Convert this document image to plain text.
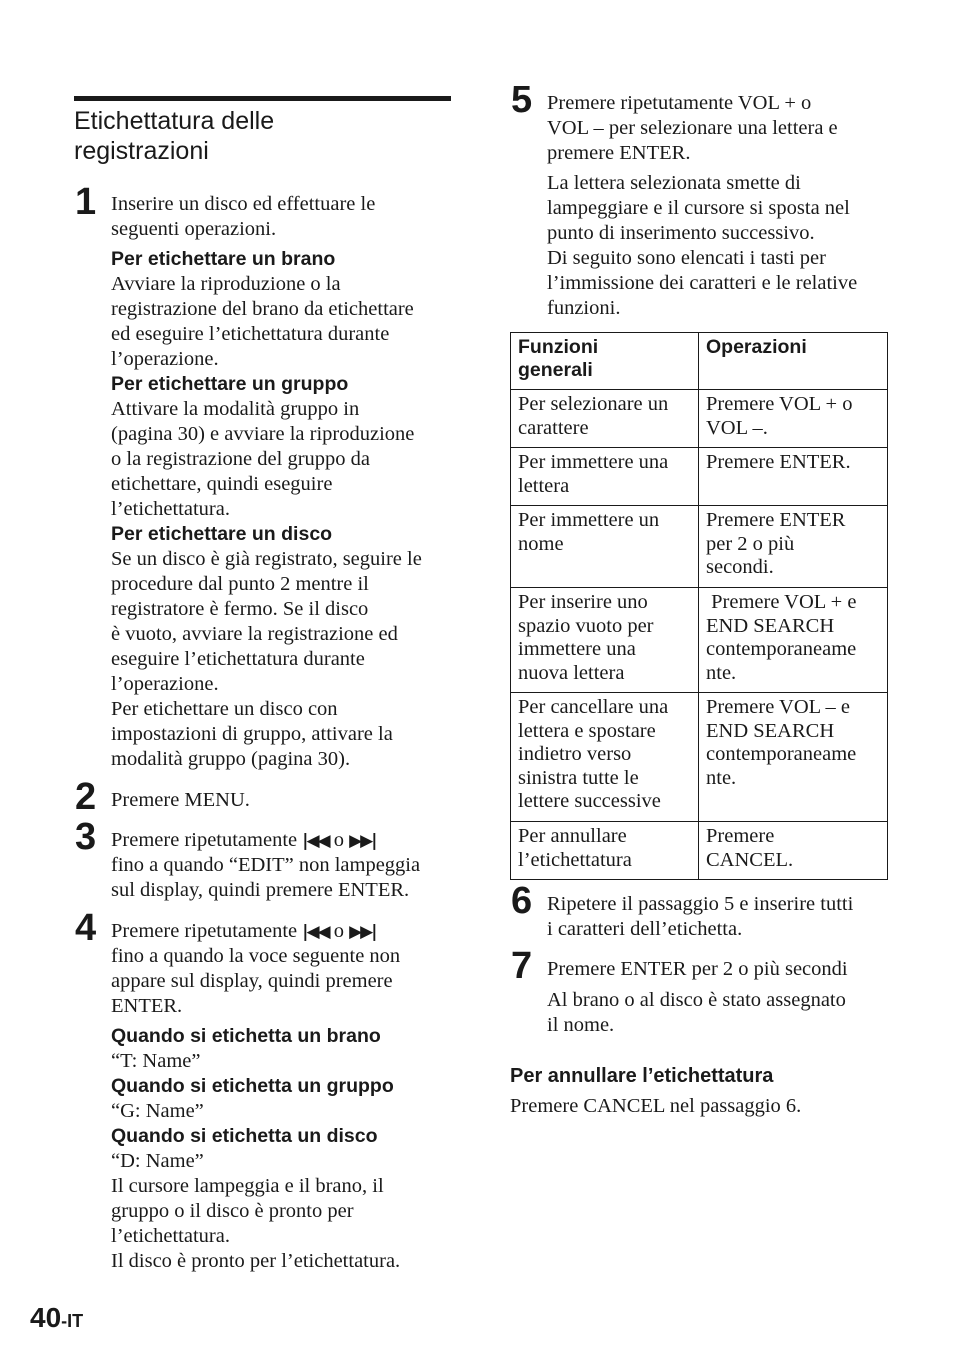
Etichettatura delle
registrazioni
1 Inserire un disco ed effettuare le

seguenti operazioni.

Per etichettare un brano

Avviare la riproduzione o la

registrazione del brano da etichettare

ed eseguire l’etichettatura durante

l’operazione.

Per etichettare un gruppo

Attivare la modalità gruppo in

(pagina 30) e avviare la riproduzione

o la registrazione del gruppo da

etichettare, quindi eseguire

l’etichettatura.

Per etichettare un disco

Se un disco è già registrato, seguire le

procedure dal punto 2 mentre il

registratore è fermo. Se il disco

è vuoto, avviare la registrazione ed

eseguire l’etichettatura durante

l’operazione.

Per etichettare un disco con

impostazioni di gruppo, attivare la

modalità gruppo (pagina 30).

2 Premere MENU.

3 Premere ripetutamente |◀◀ o ▶▶|

fino a quando “EDIT” non lampeggia

sul display, quindi premere ENTER.

4 Premere ripetutamente |◀◀ o ▶▶|

fino a quando la voce seguente non

appare sul display, quindi premere

ENTER.

Quando si etichetta un brano

“T: Name”

Quando si etichetta un gruppo

“G: Name”

Quando si etichetta un disco

“D: Name”

Il cursore lampeggia e il brano, il

gruppo o il disco è pronto per

l’etichettatura.

Il disco è pronto per l’etichettatura.

5 Premere ripetutamente VOL + o

VOL – per selezionare una lettera e

premere ENTER.

La lettera selezionata smette di

lampeggiare e il cursore si sposta nel

punto di inserimento successivo.

Di seguito sono elencati i tasti per

l’immissione dei caratteri e le relative

funzioni.

Funzioni
generali	Operazioni

Per selezionare un
carattere	Premere VOL + o
VOL –.

Per immettere una
lettera	Premere ENTER.

Per immettere un
nome	Premere ENTER
per 2 o più
secondi.

Per inserire uno
spazio vuoto per
immettere una
nuova lettera	Premere VOL + e
END SEARCH
contemporaneame
nte.

Per cancellare una
lettera e spostare
indietro verso
sinistra tutte le
lettere successive	Premere VOL – e
END SEARCH
contemporaneame
nte.

Per annullare
l’etichettatura	Premere
CANCEL.
6 Ripetere il passaggio 5 e inserire tutti

i caratteri dell’etichetta.

7 Premere ENTER per 2 o più secondi

Al brano o al disco è stato assegnato

il nome.

Per annullare l’etichettatura

Premere CANCEL nel passaggio 6.

40-IT
